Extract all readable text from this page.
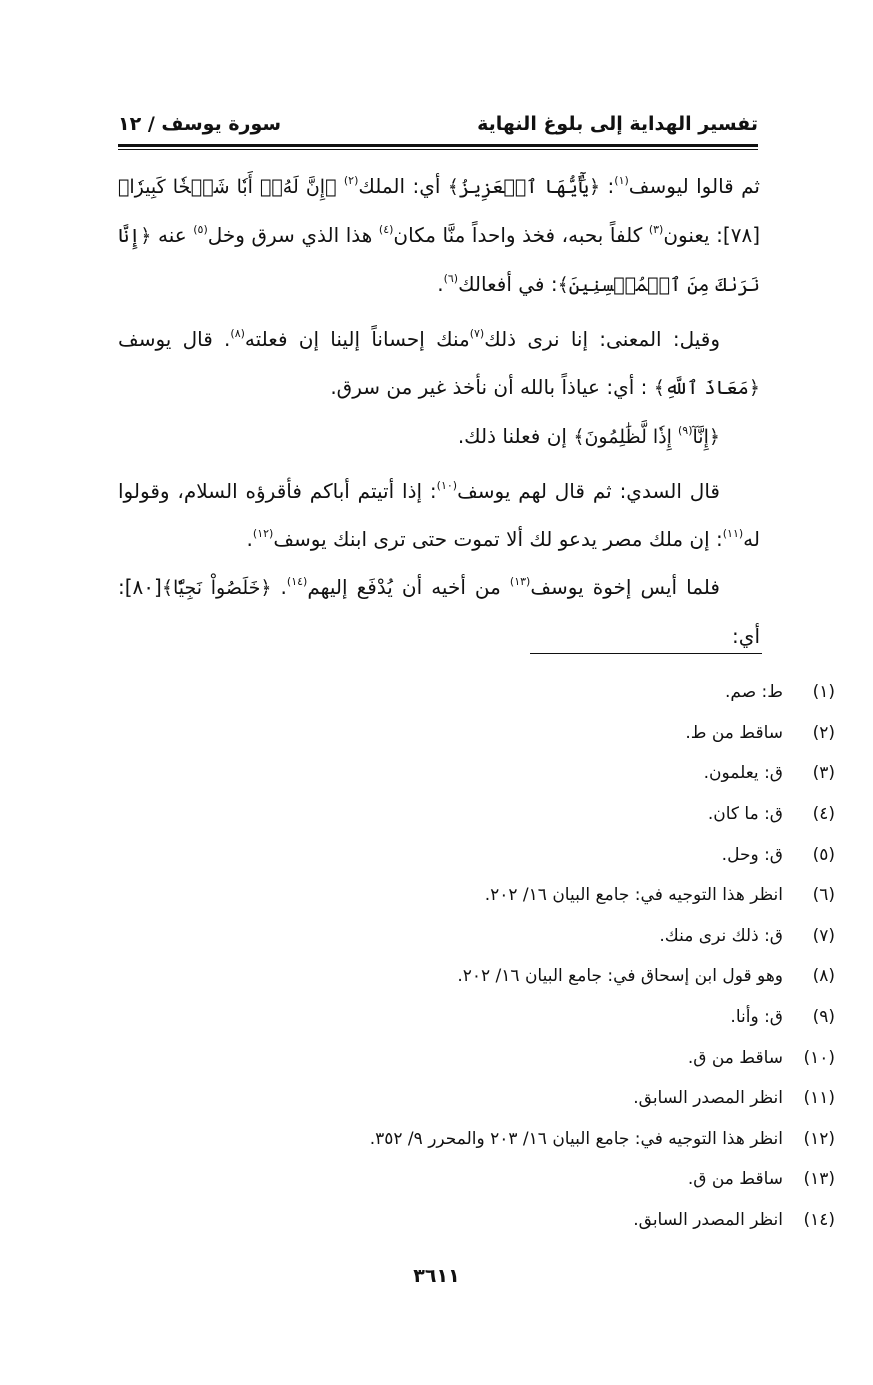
تفسير الهداية إلى بلوغ النهاية
سورة يوسف / ١٢

ثم قالوا ليوسف$^{(١)}$: ﴿يَٰٓأَيُّهَا ٱلۡعَزِيزُ﴾ أي: الملك$^{(٢)}$ ﴿إِنَّ لَهُۥٓ أَبٗا شَيۡخٗا كَبِيرٗا﴾[٧٨]: يعنون$^{(٣)}$ كلفاً بحبه، فخذ واحداً منَّا مكان$^{(٤)}$ هذا الذي سرق وخل$^{(٥)}$ عنه ﴿إِنَّا نَرَىٰكَ مِنَ ٱلۡمُحۡسِنِينَ﴾: في أفعالك$^{(٦)}$.

وقيل: المعنى: إنا نرى ذلك$^{(٧)}$منك إحساناً إلينا إن فعلته$^{(٨)}$. قال يوسف ﴿مَعَاذَ ٱللَّهِ﴾ : أي: عياذاً بالله أن نأخذ غير من سرق.

﴿إِنَّآ$^{(٩)}$ إِذٗا لَّظَٰلِمُونَ﴾ إن فعلنا ذلك.

قال السدي: ثم قال لهم يوسف$^{(١٠)}$: إذا أتيتم أباكم فأقرؤه السلام، وقولوا له$^{(١١)}$: إن ملك مصر يدعو لك ألا تموت حتى ترى ابنك يوسف$^{(١٢)}$.

فلما أيس إخوة يوسف$^{(١٣)}$ من أخيه أن يُدْفَع إليهم$^{(١٤)}$. ﴿خَلَصُواْ نَجِيّٗا﴾[٨٠]: أي:

(١)
ط: صم.
(٢)
ساقط من ط.
(٣)
ق: يعلمون.
(٤)
ق: ما كان.
(٥)
ق: وحل.
(٦)
انظر هذا التوجيه في: جامع البيان ١٦/ ٢٠٢.
(٧)
ق: ذلك نرى منك.
(٨)
وهو قول ابن إسحاق في: جامع البيان ١٦/ ٢٠٢.
(٩)
ق: وأنا.
(١٠)
ساقط من ق.
(١١)
انظر المصدر السابق.
(١٢)
انظر هذا التوجيه في: جامع البيان ١٦/ ٢٠٣ والمحرر ٩/ ٣٥٢.
(١٣)
ساقط من ق.
(١٤)
انظر المصدر السابق.
٣٦١١
